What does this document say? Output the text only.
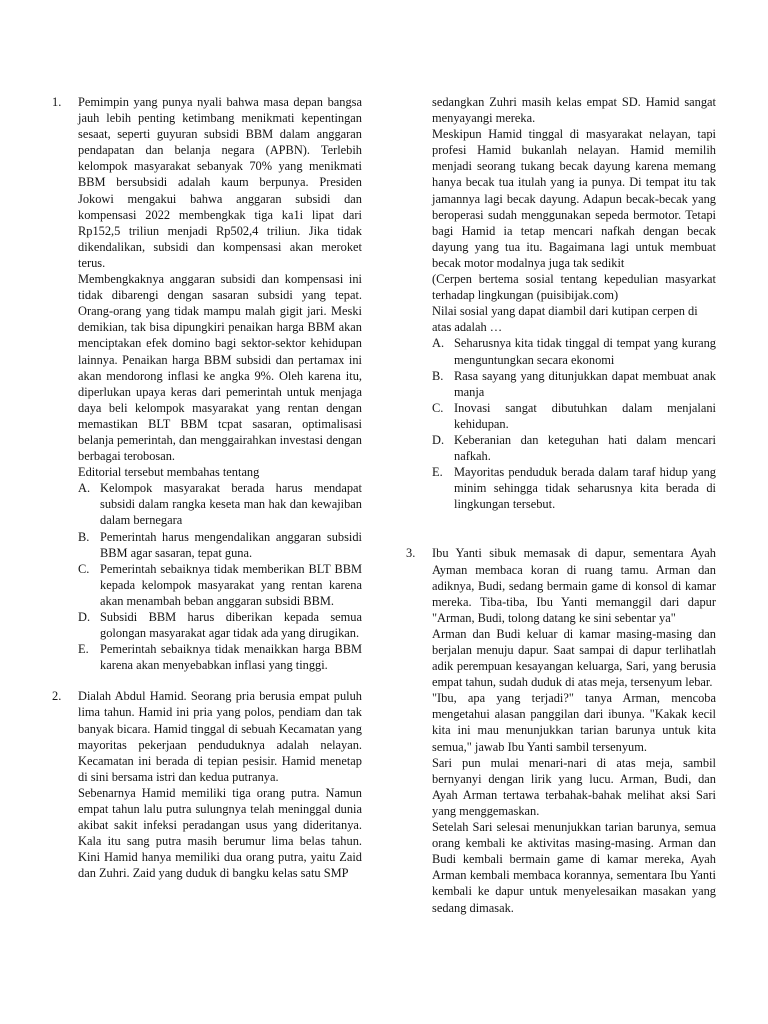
1. Pemimpin yang punya nyali bahwa masa depan bangsa jauh lebih penting ketimbang menikmati kepentingan sesaat, seperti guyuran subsidi BBM dalam anggaran pendapatan dan belanja negara (APBN). Terlebih kelompok masyarakat sebanyak 70% yang menikmati BBM bersubsidi adalah kaum berpunya. Presiden Jokowi mengakui bahwa anggaran subsidi dan kompensasi 2022 membengkak tiga ka1i lipat dari Rp152,5 triliun menjadi Rp502,4 triliun. Jika tidak dikendalikan, subsidi dan kompensasi akan meroket terus.

Membengkaknya anggaran subsidi dan kompensasi ini tidak dibarengi dengan sasaran subsidi yang tepat. Orang-orang yang tidak mampu malah gigit jari. Meski demikian, tak bisa dipungkiri penaikan harga BBM akan menciptakan efek domino bagi sektor-sektor kehidupan lainnya. Penaikan harga BBM subsidi dan pertamax ini akan mendorong inflasi ke angka 9%. Oleh karena itu, diperlukan upaya keras dari pemerintah untuk menjaga daya beli kelompok masyarakat yang rentan dengan memastikan BLT BBM tcpat sasaran, optimalisasi belanja pemerintah, dan menggairahkan investasi dengan berbagai terobosan.

Editorial tersebut membahas tentang

A. Kelompok masyarakat berada harus mendapat subsidi dalam rangka keseta man hak dan kewajiban dalam bernegara
B. Pemerintah harus mengendalikan anggaran subsidi BBM agar sasaran, tepat guna.
C. Pemerintah sebaiknya tidak memberikan BLT BBM kepada kelompok masyarakat yang rentan karena akan menambah beban anggaran subsidi BBM.
D. Subsidi BBM harus diberikan kepada semua golongan masyarakat agar tidak ada yang dirugikan.
E. Pemerintah sebaiknya tidak menaikkan harga BBM karena akan menyebabkan inflasi yang tinggi.
2. Dialah Abdul Hamid. Seorang pria berusia empat puluh lima tahun. Hamid ini pria yang polos, pendiam dan tak banyak bicara. Hamid tinggal di sebuah Kecamatan yang mayoritas pekerjaan penduduknya adalah nelayan. Kecamatan ini berada di tepian pesisir. Hamid menetap di sini bersama istri dan kedua putranya.

Sebenarnya Hamid memiliki tiga orang putra. Namun empat tahun lalu putra sulungnya telah meninggal dunia akibat sakit infeksi peradangan usus yang dideritanya. Kala itu sang putra masih berumur lima belas tahun. Kini Hamid hanya memiliki dua orang putra, yaitu Zaid dan Zuhri. Zaid yang duduk di bangku kelas satu SMP

sedangkan Zuhri masih kelas empat SD. Hamid sangat menyayangi mereka.

Meskipun Hamid tinggal di masyarakat nelayan, tapi profesi Hamid bukanlah nelayan. Hamid memilih menjadi seorang tukang becak dayung karena memang hanya becak tua itulah yang ia punya. Di tempat itu tak jamannya lagi becak dayung. Adapun becak-becak yang beroperasi sudah menggunakan sepeda bermotor. Tetapi bagi Hamid ia tetap mencari nafkah dengan becak dayung yang tua itu. Bagaimana lagi untuk membuat becak motor modalnya juga tak sedikit

(Cerpen bertema sosial tentang kepedulian masyarkat terhadap lingkungan (puisibijak.com)

Nilai sosial yang dapat diambil dari kutipan cerpen di atas adalah …

A. Seharusnya kita tidak tinggal di tempat yang kurang menguntungkan secara ekonomi
B. Rasa sayang yang ditunjukkan dapat membuat anak manja
C. Inovasi sangat dibutuhkan dalam menjalani kehidupan.
D. Keberanian dan keteguhan hati dalam mencari nafkah.
E. Mayoritas penduduk berada dalam taraf hidup yang minim sehingga tidak seharusnya kita berada di lingkungan tersebut.
3. Ibu Yanti sibuk memasak di dapur, sementara Ayah Ayman membaca koran di ruang tamu. Arman dan adiknya, Budi, sedang bermain game di konsol di kamar mereka. Tiba-tiba, Ibu Yanti memanggil dari dapur "Arman, Budi, tolong datang ke sini sebentar ya"

Arman dan Budi keluar di kamar masing-masing dan berjalan menuju dapur. Saat sampai di dapur terlihatlah adik perempuan kesayangan keluarga, Sari, yang berusia empat tahun, sudah duduk di atas meja, tersenyum lebar.

"Ibu, apa yang terjadi?" tanya Arman, mencoba mengetahui alasan panggilan dari ibunya. "Kakak kecil kita ini mau menunjukkan tarian barunya untuk kita semua," jawab Ibu Yanti sambil tersenyum.

Sari pun mulai menari-nari di atas meja, sambil bernyanyi dengan lirik yang lucu. Arman, Budi, dan Ayah Arman tertawa terbahak-bahak melihat aksi Sari yang menggemaskan.

Setelah Sari selesai menunjukkan tarian barunya, semua orang kembali ke aktivitas masing-masing. Arman dan Budi kembali bermain game di kamar mereka, Ayah Arman kembali membaca korannya, sementara Ibu Yanti kembali ke dapur untuk menyelesaikan masakan yang sedang dimasak.
